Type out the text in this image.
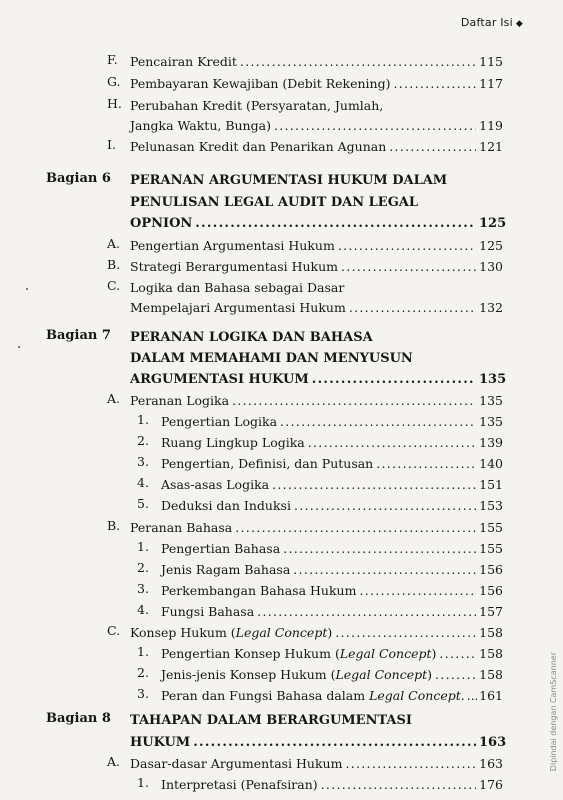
Daftar Isi ◆
F. Pencairan Kredit .....	115
G. Pembayaran Kewajiban (Debit Rekening) .....	117
H. Perubahan Kredit (Persyaratan, Jumlah,
Jangka Waktu, Bunga) .....	119
I. Pelunasan Kredit dan Penarikan Agunan .....	121
Bagian 6 PERANAN ARGUMENTASI HUKUM DALAM
PENULISAN LEGAL AUDIT DAN LEGAL
OPNION .....	125
A. Pengertian Argumentasi Hukum .....	125
B. Strategi Berargumentasi Hukum .....	130
C. Logika dan Bahasa sebagai Dasar
Mempelajari Argumentasi Hukum .....	132
Bagian 7 PERANAN LOGIKA DAN BAHASA
DALAM MEMAHAMI DAN MENYUSUN
ARGUMENTASI HUKUM .....	135
A. Peranan Logika .....	135
1. Pengertian Logika .....	135
2. Ruang Lingkup Logika .....	139
3. Pengertian, Definisi, dan Putusan .....	140
4. Asas-asas Logika .....	151
5. Deduksi dan Induksi .....	153
B. Peranan Bahasa .....	155
1. Pengertian Bahasa .....	155
2. Jenis Ragam Bahasa .....	156
3. Perkembangan Bahasa Hukum .....	156
4. Fungsi Bahasa .....	157
C. Konsep Hukum (Legal Concept) .....	158
1. Pengertian Konsep Hukum (Legal Concept) .....	158
2. Jenis-jenis Konsep Hukum (Legal Concept) .....	158
3. Peran dan Fungsi Bahasa dalam Legal Concept. ..... 161
Bagian 8 TAHAPAN DALAM BERARGUMENTASI
HUKUM .....	163
A. Dasar-dasar Argumentasi Hukum .....	163
1. Interpretasi (Penafsiran) .....	176
Dipindai dengan CamScanner
